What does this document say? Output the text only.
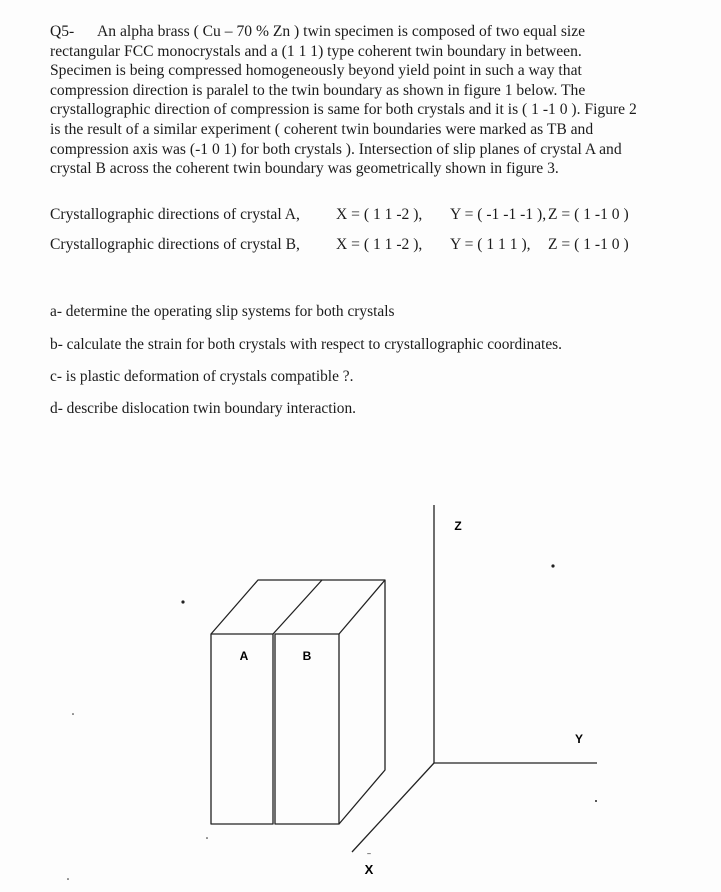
Q5- An alpha brass ( Cu – 70 % Zn ) twin specimen is composed of two equal size
rectangular FCC monocrystals and a (1 1 1) type coherent twin boundary in between.
Specimen is being compressed homogeneously beyond yield point in such a way that
compression direction is paralel to the twin boundary as shown in figure 1 below. The
crystallographic direction of compression is same for both crystals and it is ( 1 -1 0 ). Figure 2
is the result of a similar experiment ( coherent twin boundaries were marked as TB and
compression axis was (-1 0 1) for both crystals ). Intersection of slip planes of crystal A and
crystal B across the coherent twin boundary was geometrically shown in figure 3.
Crystallographic directions of crystal A, X = ( 1 1 -2 ), Y = ( -1 -1 -1 ), Z = ( 1 -1 0 )
Crystallographic directions of crystal B, X = ( 1 1 -2 ), Y = ( 1 1 1 ), Z = ( 1 -1 0 )
a- determine the operating slip systems for both crystals
b- calculate the strain for both crystals with respect to crystallographic coordinates.
c- is plastic deformation of crystals compatible ?.
d- describe dislocation twin boundary interaction.
A	B
Z
Y
X
‾
